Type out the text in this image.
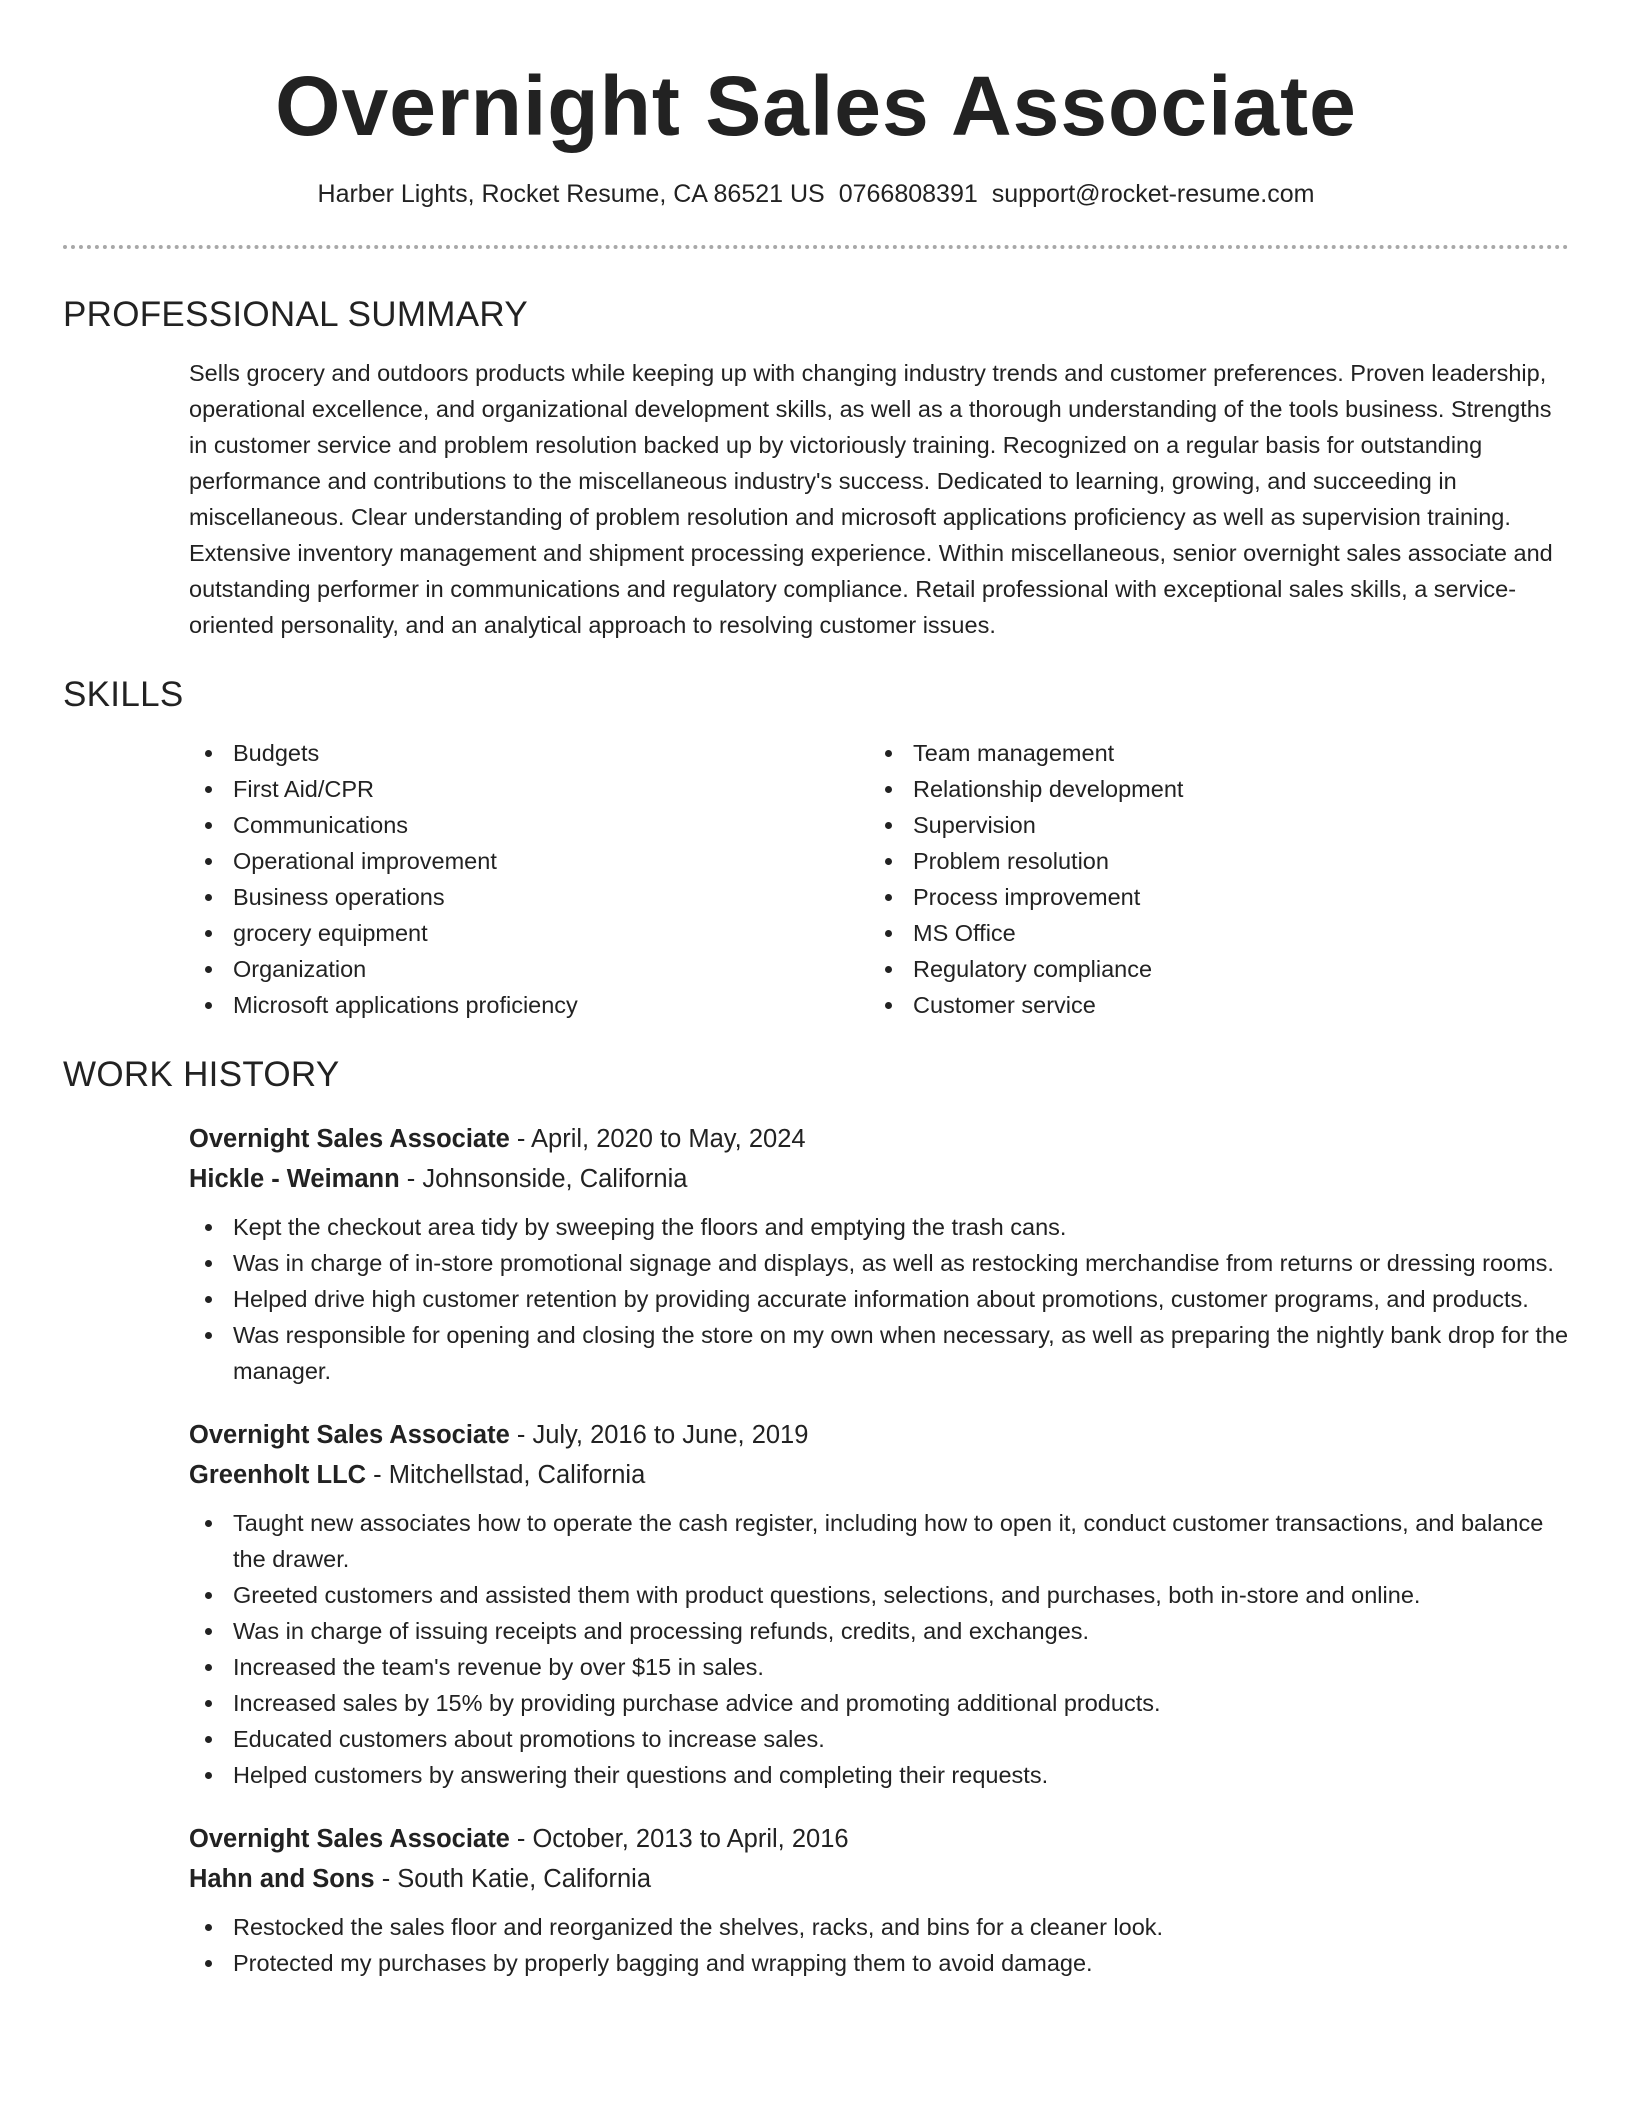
Overnight Sales Associate
Harber Lights, Rocket Resume, CA 86521 US 0766808391 support@rocket-resume.com
PROFESSIONAL SUMMARY

Sells grocery and outdoors products while keeping up with changing industry trends and customer preferences. Proven leadership, operational excellence, and organizational development skills, as well as a thorough understanding of the tools business. Strengths in customer service and problem resolution backed up by victoriously training. Recognized on a regular basis for outstanding performance and contributions to the miscellaneous industry's success. Dedicated to learning, growing, and succeeding in miscellaneous. Clear understanding of problem resolution and microsoft applications proficiency as well as supervision training. Extensive inventory management and shipment processing experience. Within miscellaneous, senior overnight sales associate and outstanding performer in communications and regulatory compliance. Retail professional with exceptional sales skills, a service-oriented personality, and an analytical approach to resolving customer issues.

SKILLS
Budgets
First Aid/CPR
Communications
Operational improvement
Business operations
grocery equipment
Organization
Microsoft applications proficiency
Team management
Relationship development
Supervision
Problem resolution
Process improvement
MS Office
Regulatory compliance
Customer service
WORK HISTORY
Overnight Sales Associate - April, 2020 to May, 2024
Hickle - Weimann - Johnsonside, California
Kept the checkout area tidy by sweeping the floors and emptying the trash cans.
Was in charge of in-store promotional signage and displays, as well as restocking merchandise from returns or dressing rooms.
Helped drive high customer retention by providing accurate information about promotions, customer programs, and products.
Was responsible for opening and closing the store on my own when necessary, as well as preparing the nightly bank drop for the manager.
Overnight Sales Associate - July, 2016 to June, 2019
Greenholt LLC - Mitchellstad, California
Taught new associates how to operate the cash register, including how to open it, conduct customer transactions, and balance the drawer.
Greeted customers and assisted them with product questions, selections, and purchases, both in-store and online.
Was in charge of issuing receipts and processing refunds, credits, and exchanges.
Increased the team's revenue by over $15 in sales.
Increased sales by 15% by providing purchase advice and promoting additional products.
Educated customers about promotions to increase sales.
Helped customers by answering their questions and completing their requests.
Overnight Sales Associate - October, 2013 to April, 2016
Hahn and Sons - South Katie, California
Restocked the sales floor and reorganized the shelves, racks, and bins for a cleaner look.
Protected my purchases by properly bagging and wrapping them to avoid damage.
